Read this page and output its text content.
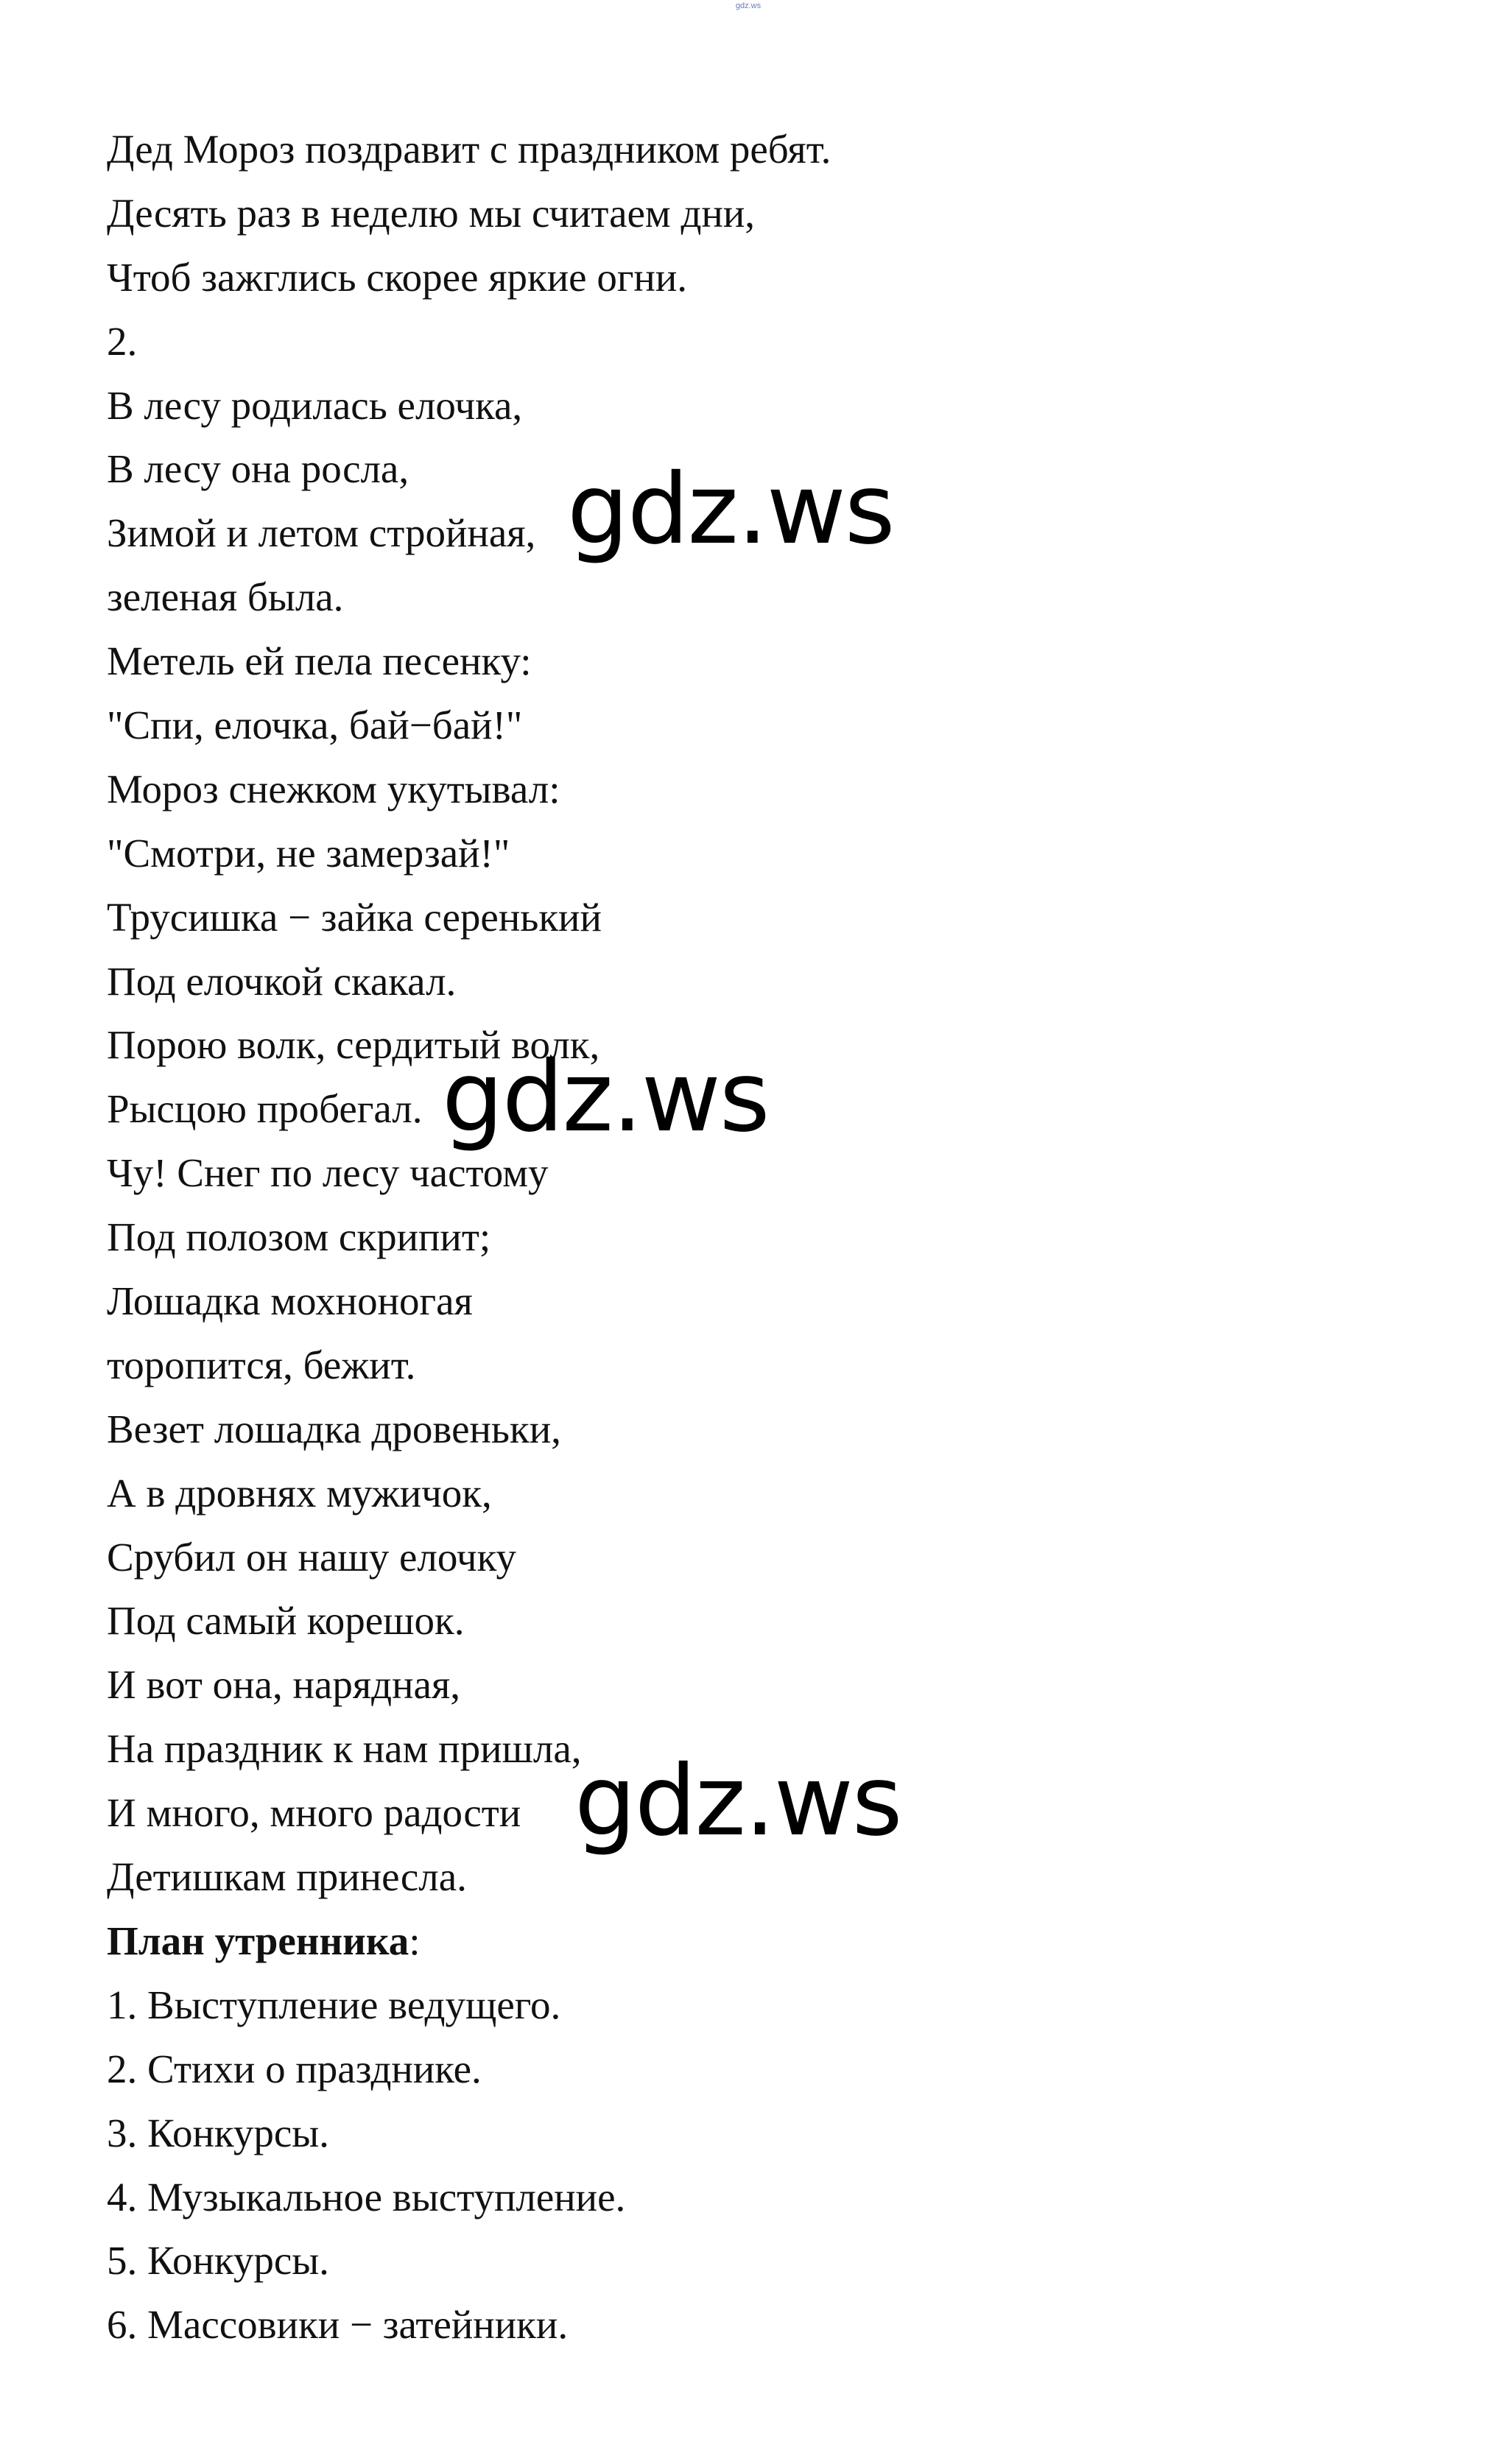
gdz.ws
Дед Мороз поздравит с праздником ребят.
Десять раз в неделю мы считаем дни,
Чтоб зажглись скорее яркие огни.
2.
В лесу родилась елочка,
В лесу она росла,
Зимой и летом стройная,
зеленая была.
Метель ей пела песенку:
"Спи, елочка, бай−бай!"
Мороз снежком укутывал:
"Смотри, не замерзай!"
Трусишка − зайка серенький
Под елочкой скакал.
Порою волк, сердитый волк,
Рысцою пробегал.
Чу! Снег по лесу частому
Под полозом скрипит;
Лошадка мохноногая
торопится, бежит.
Везет лошадка дровеньки,
А в дровнях мужичок,
Срубил он нашу елочку
Под самый корешок.
И вот она, нарядная,
На праздник к нам пришла,
И много, много радости
Детишкам принесла.
План утренника:
1. Выступление ведущего.
2. Стихи о празднике.
3. Конкурсы.
4. Музыкальное выступление.
5. Конкурсы.
6. Массовики − затейники.
gdz.ws
gdz.ws
gdz.ws
